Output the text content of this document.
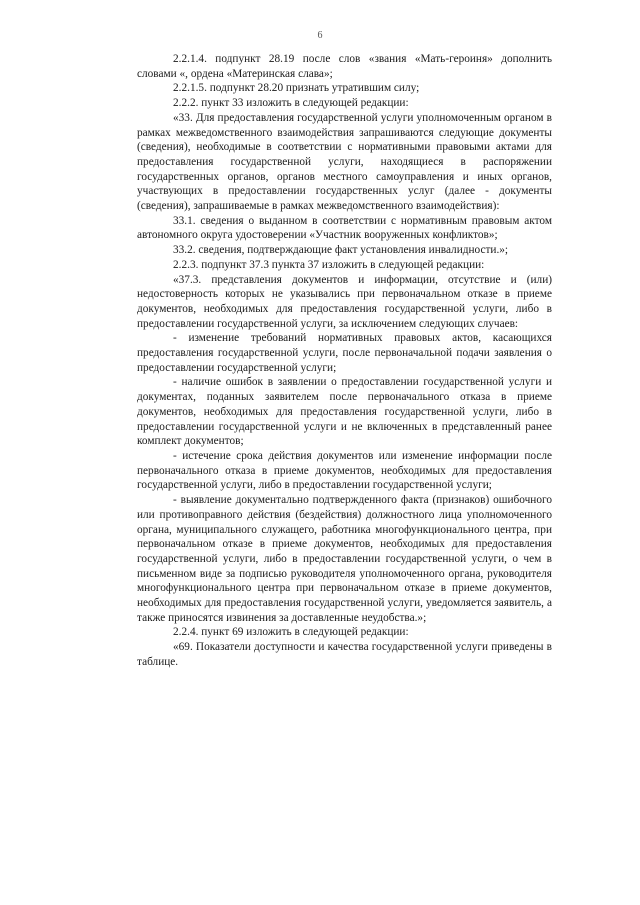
6

2.2.1.4. подпункт 28.19 после слов «звания «Мать-героиня» дополнить словами «, ордена «Материнская слава»;

2.2.1.5. подпункт 28.20 признать утратившим силу;

2.2.2. пункт 33 изложить в следующей редакции:

«33. Для предоставления государственной услуги уполномоченным органом в рамках межведомственного взаимодействия запрашиваются следующие документы (сведения), необходимые в соответствии с нормативными правовыми актами для предоставления государственной услуги, находящиеся в распоряжении государственных органов, органов местного самоуправления и иных органов, участвующих в предоставлении государственных услуг (далее - документы (сведения), запрашиваемые в рамках межведомственного взаимодействия):

33.1. сведения о выданном в соответствии с нормативным правовым актом автономного округа удостоверении «Участник вооруженных конфликтов»;

33.2. сведения, подтверждающие факт установления инвалидности.»;

2.2.3. подпункт 37.3 пункта 37 изложить в следующей редакции:

«37.3. представления документов и информации, отсутствие и (или) недостоверность которых не указывались при первоначальном отказе в приеме документов, необходимых для предоставления государственной услуги, либо в предоставлении государственной услуги, за исключением следующих случаев:

- изменение требований нормативных правовых актов, касающихся предоставления государственной услуги, после первоначальной подачи заявления о предоставлении государственной услуги;

- наличие ошибок в заявлении о предоставлении государственной услуги и документах, поданных заявителем после первоначального отказа в приеме документов, необходимых для предоставления государственной услуги, либо в предоставлении государственной услуги и не включенных в представленный ранее комплект документов;

- истечение срока действия документов или изменение информации после первоначального отказа в приеме документов, необходимых для предоставления государственной услуги, либо в предоставлении государственной услуги;

- выявление документально подтвержденного факта (признаков) ошибочного или противоправного действия (бездействия) должностного лица уполномоченного органа, муниципального служащего, работника многофункционального центра, при первоначальном отказе в приеме документов, необходимых для предоставления государственной услуги, либо в предоставлении государственной услуги, о чем в письменном виде за подписью руководителя уполномоченного органа, руководителя многофункционального центра при первоначальном отказе в приеме документов, необходимых для предоставления государственной услуги, уведомляется заявитель, а также приносятся извинения за доставленные неудобства.»;

2.2.4. пункт 69 изложить в следующей редакции:

«69. Показатели доступности и качества государственной услуги приведены в таблице.
